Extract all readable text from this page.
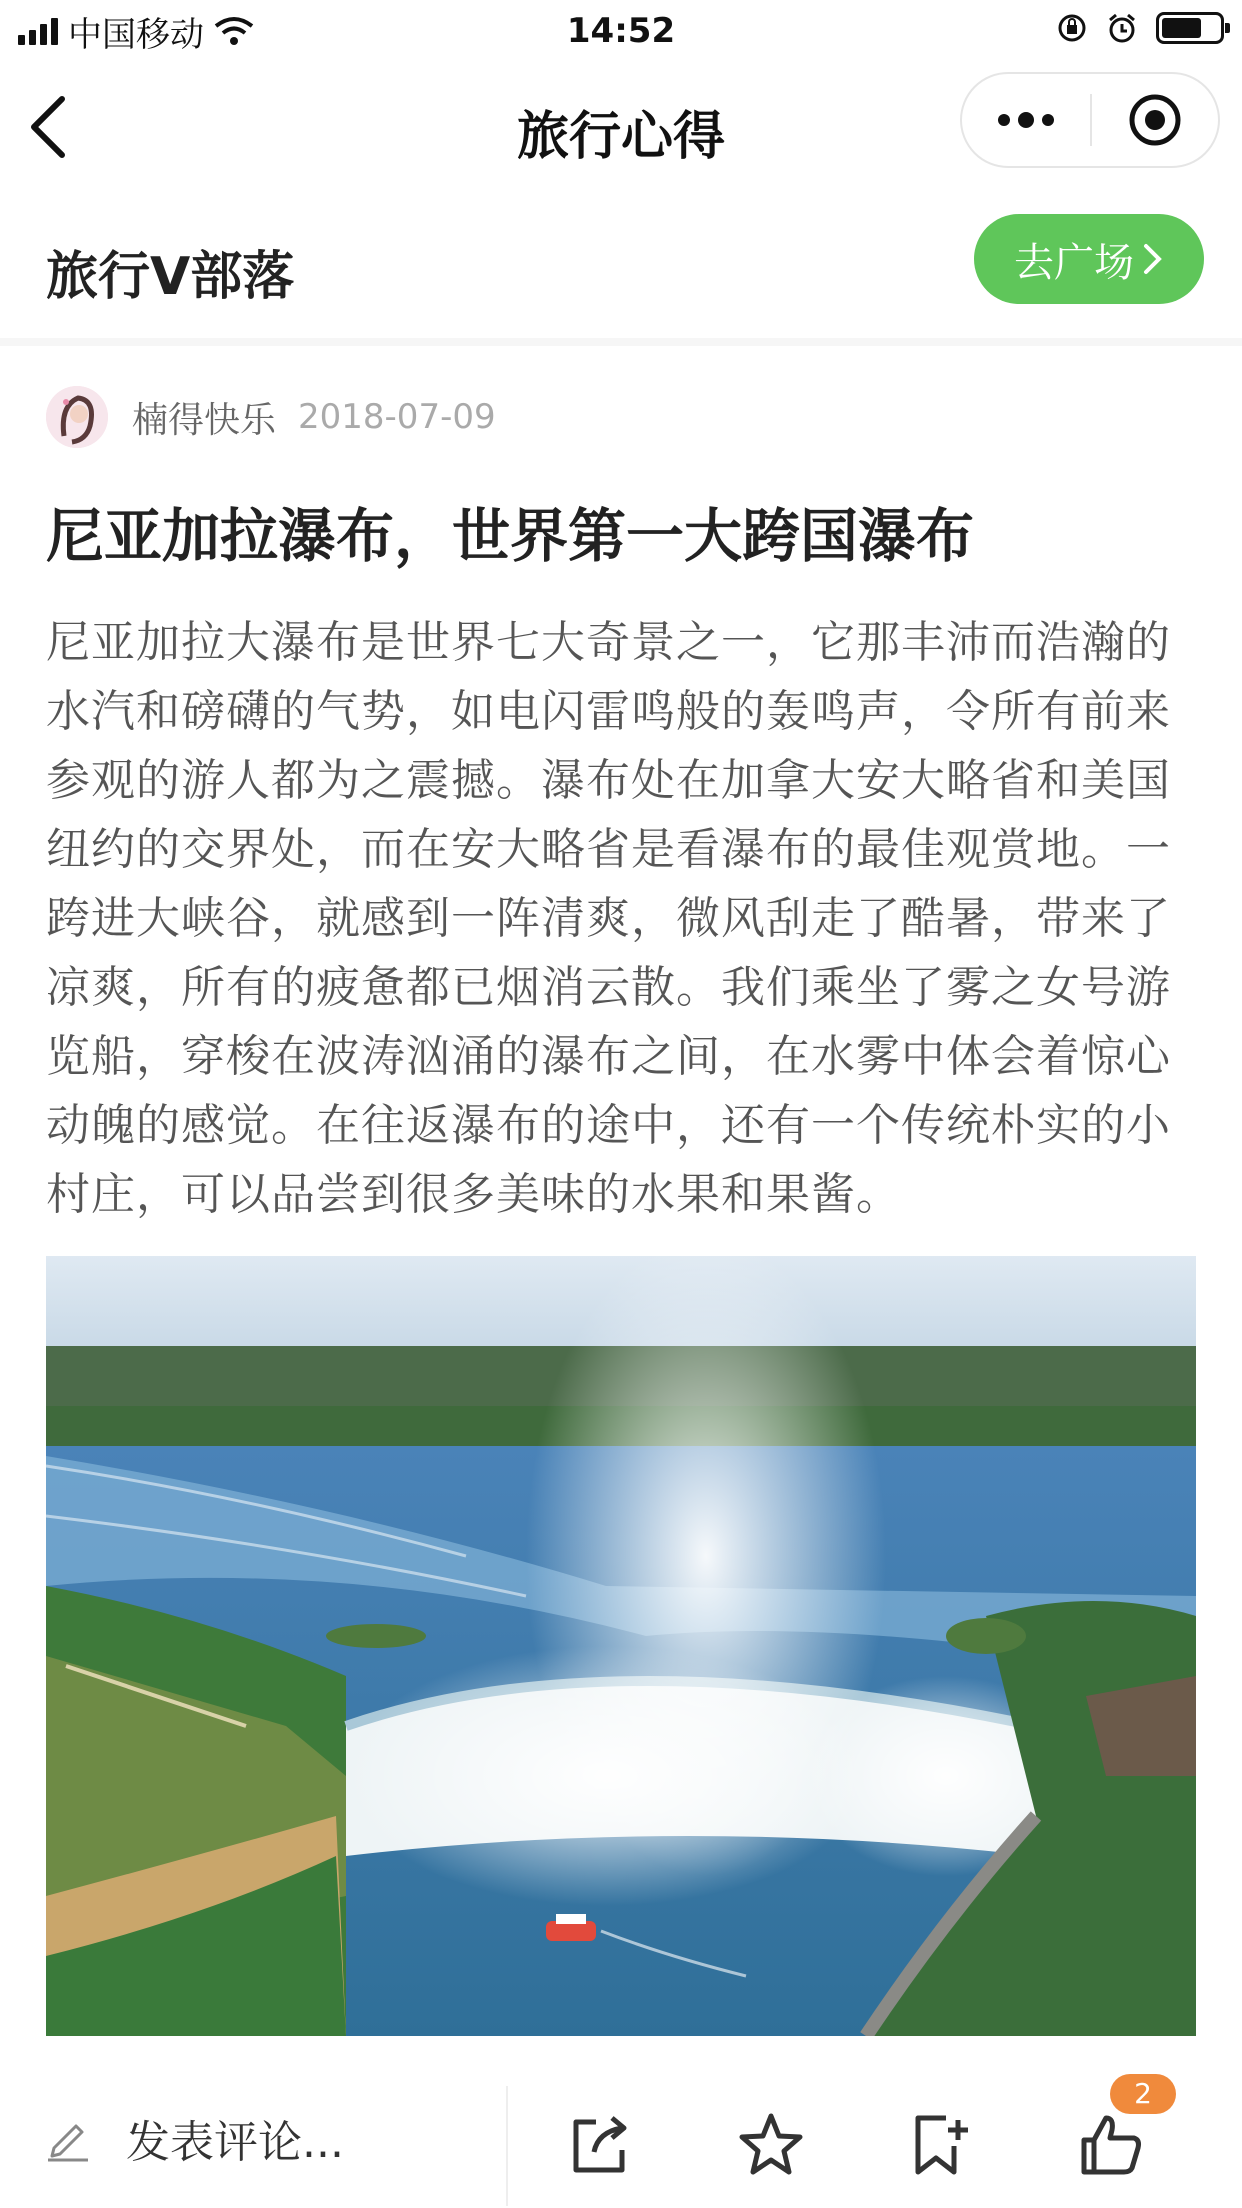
中国移动	14:52
旅行心得
旅行V部落	去广场
楠得快乐 2018-07-09
尼亚加拉瀑布，世界第一大跨国瀑布
尼亚加拉大瀑布是世界七大奇景之一，它那丰沛而浩瀚的水汽和磅礴的气势，如电闪雷鸣般的轰鸣声，令所有前来参观的游人都为之震撼。瀑布处在加拿大安大略省和美国纽约的交界处，而在安大略省是看瀑布的最佳观赏地。一跨进大峡谷，就感到一阵清爽，微风刮走了酷暑，带来了凉爽，所有的疲惫都已烟消云散。我们乘坐了雾之女号游览船，穿梭在波涛汹涌的瀑布之间，在水雾中体会着惊心动魄的感觉。在往返瀑布的途中，还有一个传统朴实的小村庄，可以品尝到很多美味的水果和果酱。
发表评论...
2
